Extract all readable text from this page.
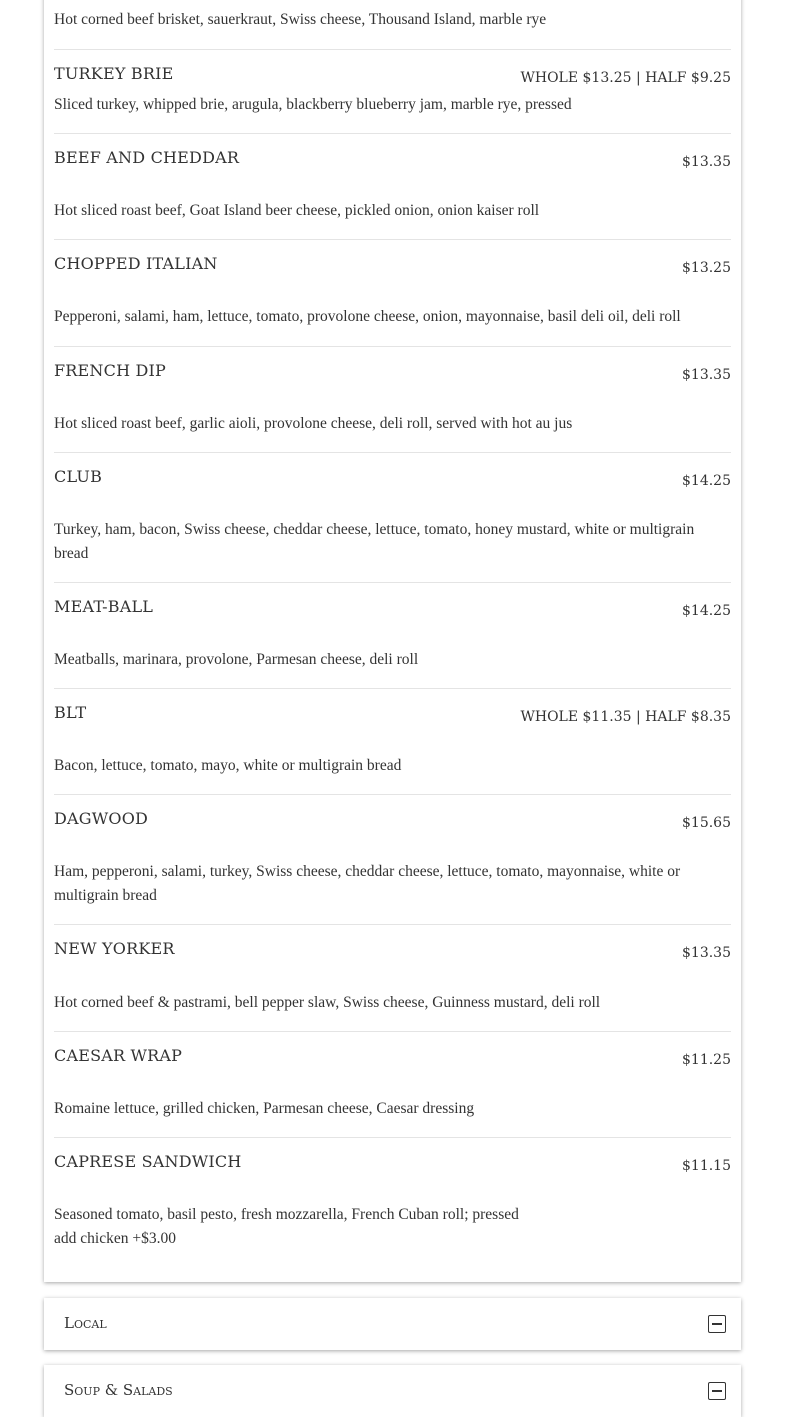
Hot corned beef brisket, sauerkraut, Swiss cheese, Thousand Island, marble rye
TURKEY BRIE	WHOLE $13.25 | HALF $9.25
Sliced turkey, whipped brie, arugula, blackberry blueberry jam, marble rye, pressed
BEEF AND CHEDDAR	$13.35
Hot sliced roast beef, Goat Island beer cheese, pickled onion, onion kaiser roll
CHOPPED ITALIAN	$13.25
Pepperoni, salami, ham, lettuce, tomato, provolone cheese, onion, mayonnaise, basil deli oil, deli roll
FRENCH DIP	$13.35
Hot sliced roast beef, garlic aioli, provolone cheese, deli roll, served with hot au jus
CLUB	$14.25
Turkey, ham, bacon, Swiss cheese, cheddar cheese, lettuce, tomato, honey mustard, white or multigrain bread
MEAT-BALL	$14.25
Meatballs, marinara, provolone, Parmesan cheese, deli roll
BLT	WHOLE $11.35 | HALF $8.35
Bacon, lettuce, tomato, mayo, white or multigrain bread
DAGWOOD	$15.65
Ham, pepperoni, salami, turkey, Swiss cheese, cheddar cheese, lettuce, tomato, mayonnaise, white or multigrain bread
NEW YORKER	$13.35
Hot corned beef & pastrami, bell pepper slaw, Swiss cheese, Guinness mustard, deli roll
CAESAR WRAP	$11.25
Romaine lettuce, grilled chicken, Parmesan cheese, Caesar dressing
CAPRESE SANDWICH	$11.15
Seasoned tomato, basil pesto, fresh mozzarella, French Cuban roll; pressed
add chicken +$3.00
Local
Soup & Salads
